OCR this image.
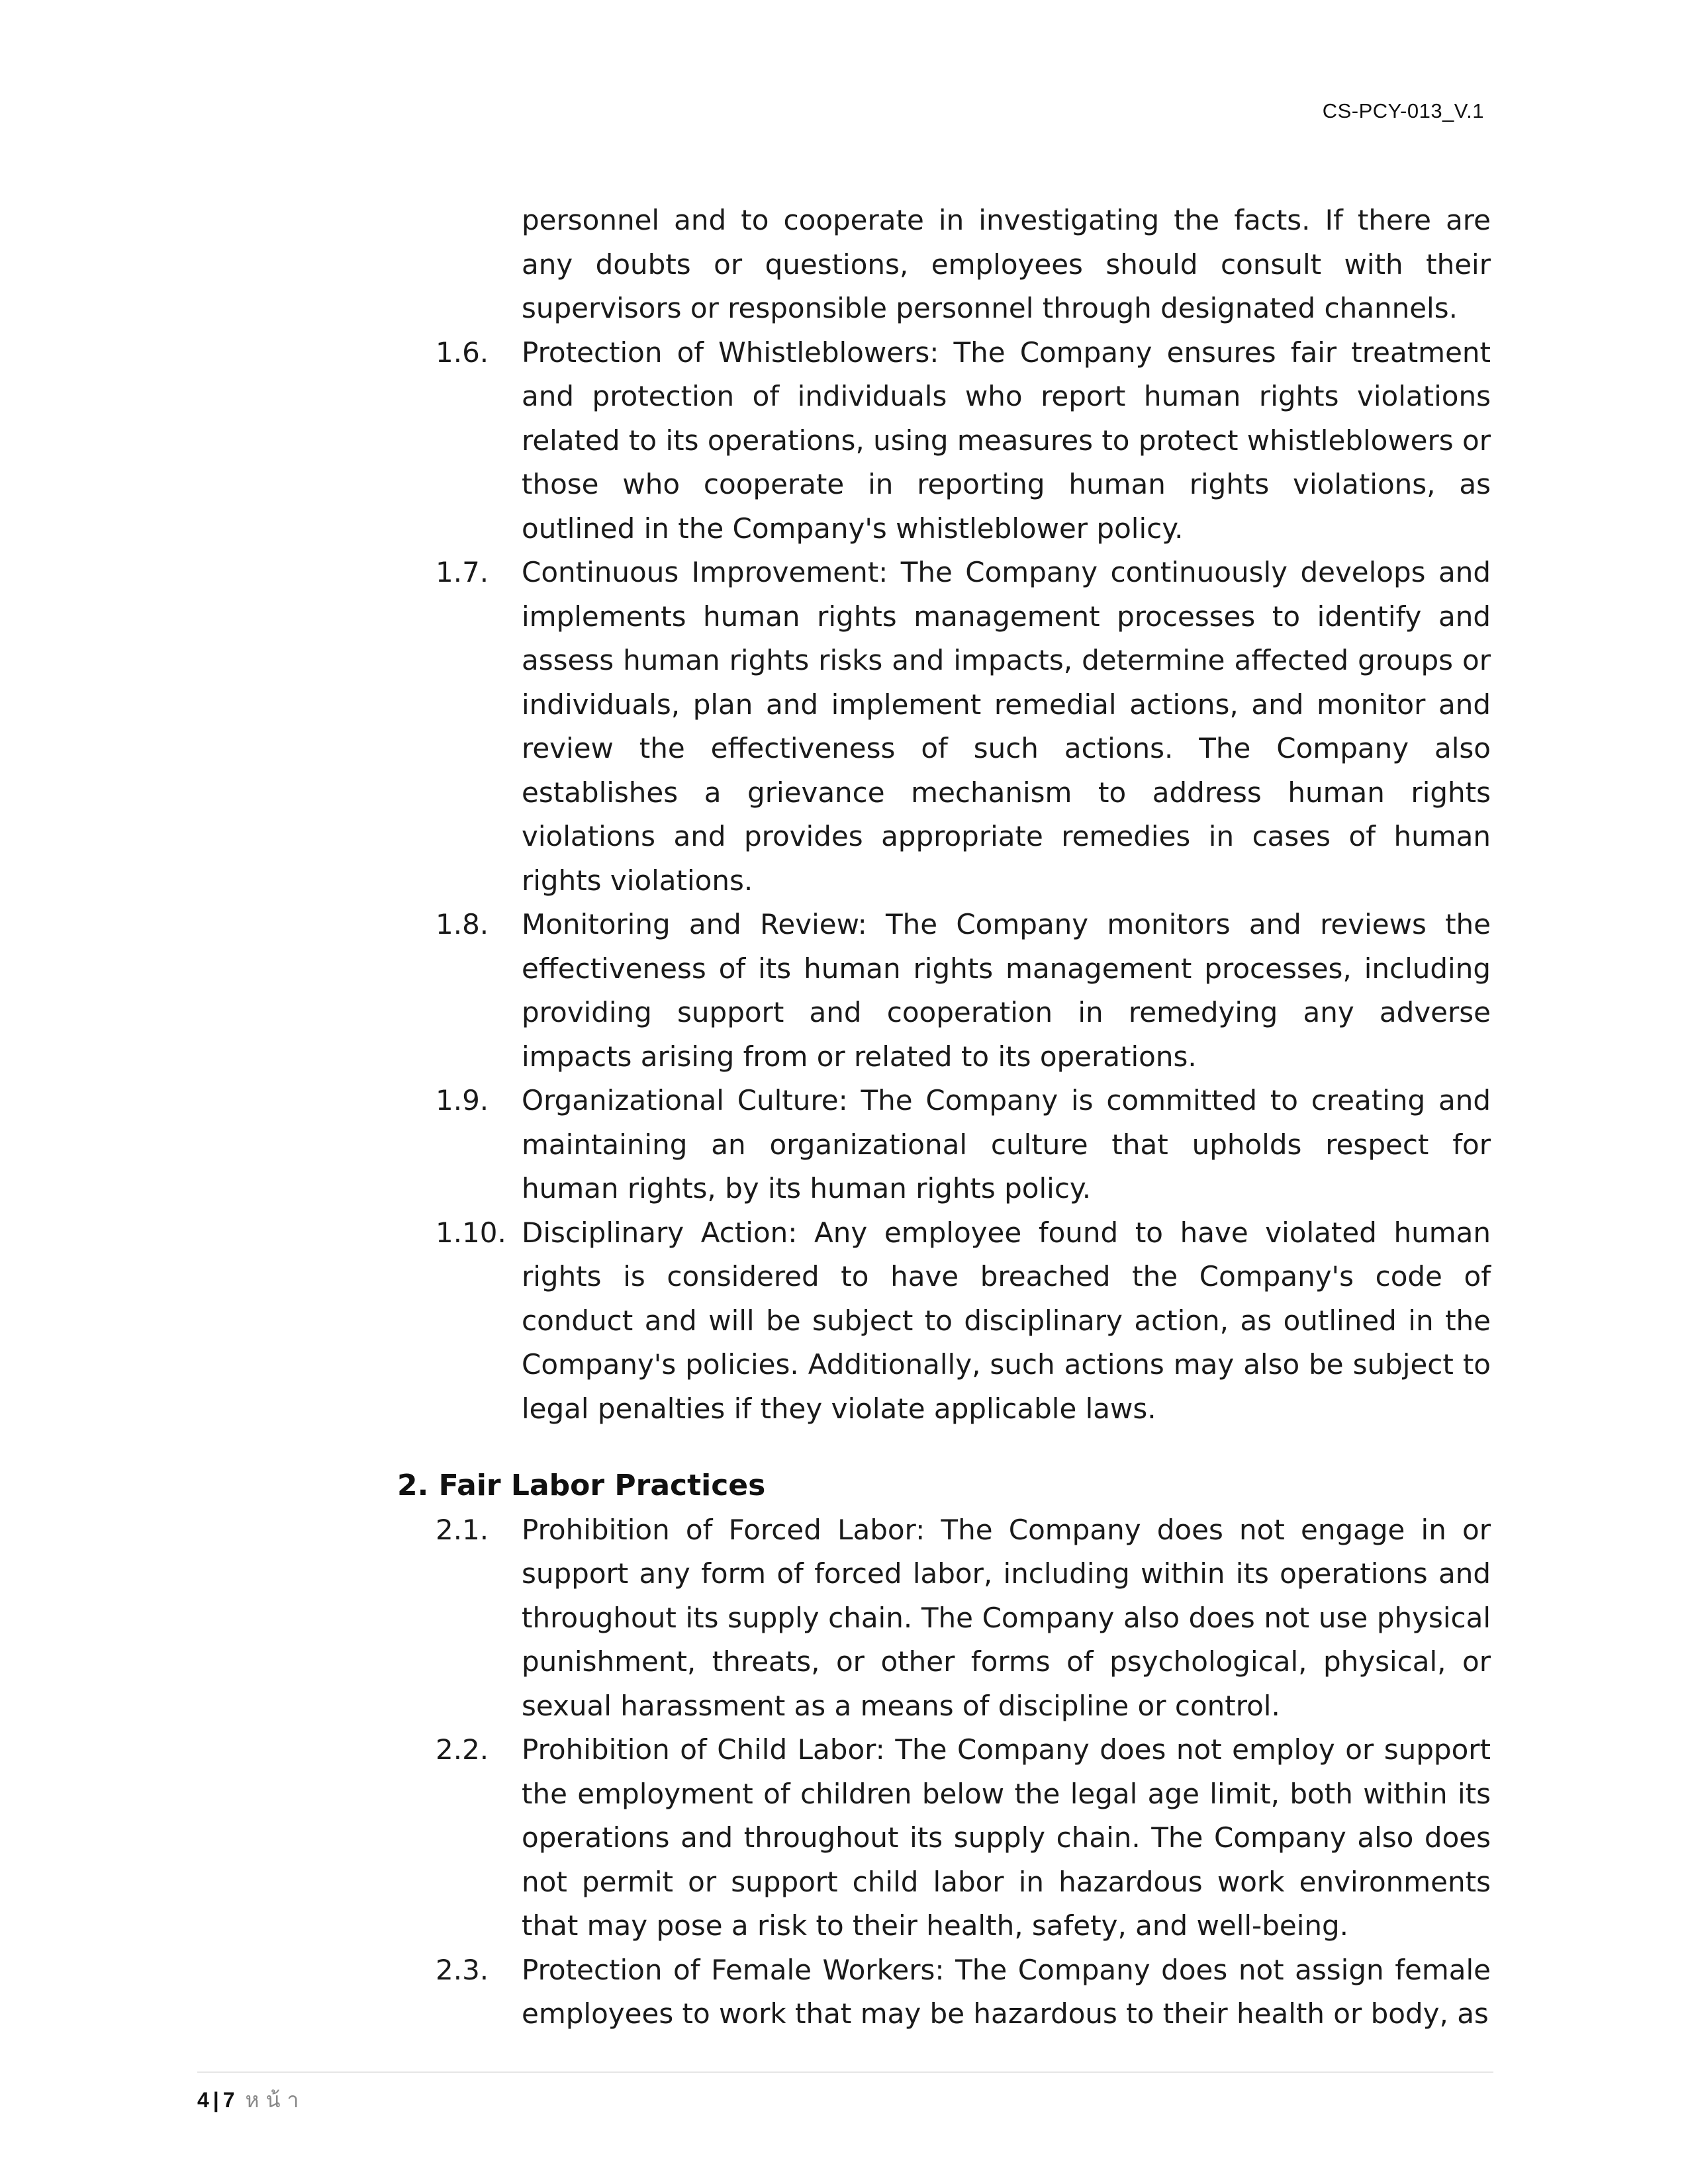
CS-PCY-013_V.1
personnel and to cooperate in investigating the facts. If there are any doubts or questions, employees should consult with their supervisors or responsible personnel through designated channels.
1.6. Protection of Whistleblowers: The Company ensures fair treatment and protection of individuals who report human rights violations related to its operations, using measures to protect whistleblowers or those who cooperate in reporting human rights violations, as outlined in the Company's whistleblower policy.
1.7. Continuous Improvement: The Company continuously develops and implements human rights management processes to identify and assess human rights risks and impacts, determine affected groups or individuals, plan and implement remedial actions, and monitor and review the effectiveness of such actions. The Company also establishes a grievance mechanism to address human rights violations and provides appropriate remedies in cases of human rights violations.
1.8. Monitoring and Review: The Company monitors and reviews the effectiveness of its human rights management processes, including providing support and cooperation in remedying any adverse impacts arising from or related to its operations.
1.9. Organizational Culture: The Company is committed to creating and maintaining an organizational culture that upholds respect for human rights, by its human rights policy.
1.10. Disciplinary Action: Any employee found to have violated human rights is considered to have breached the Company's code of conduct and will be subject to disciplinary action, as outlined in the Company's policies. Additionally, such actions may also be subject to legal penalties if they violate applicable laws.
2. Fair Labor Practices
2.1. Prohibition of Forced Labor: The Company does not engage in or support any form of forced labor, including within its operations and throughout its supply chain. The Company also does not use physical punishment, threats, or other forms of psychological, physical, or sexual harassment as a means of discipline or control.
2.2. Prohibition of Child Labor: The Company does not employ or support the employment of children below the legal age limit, both within its operations and throughout its supply chain. The Company also does not permit or support child labor in hazardous work environments that may pose a risk to their health, safety, and well-being.
2.3. Protection of Female Workers: The Company does not assign female employees to work that may be hazardous to their health or body, as
4 | 7 หน้า
